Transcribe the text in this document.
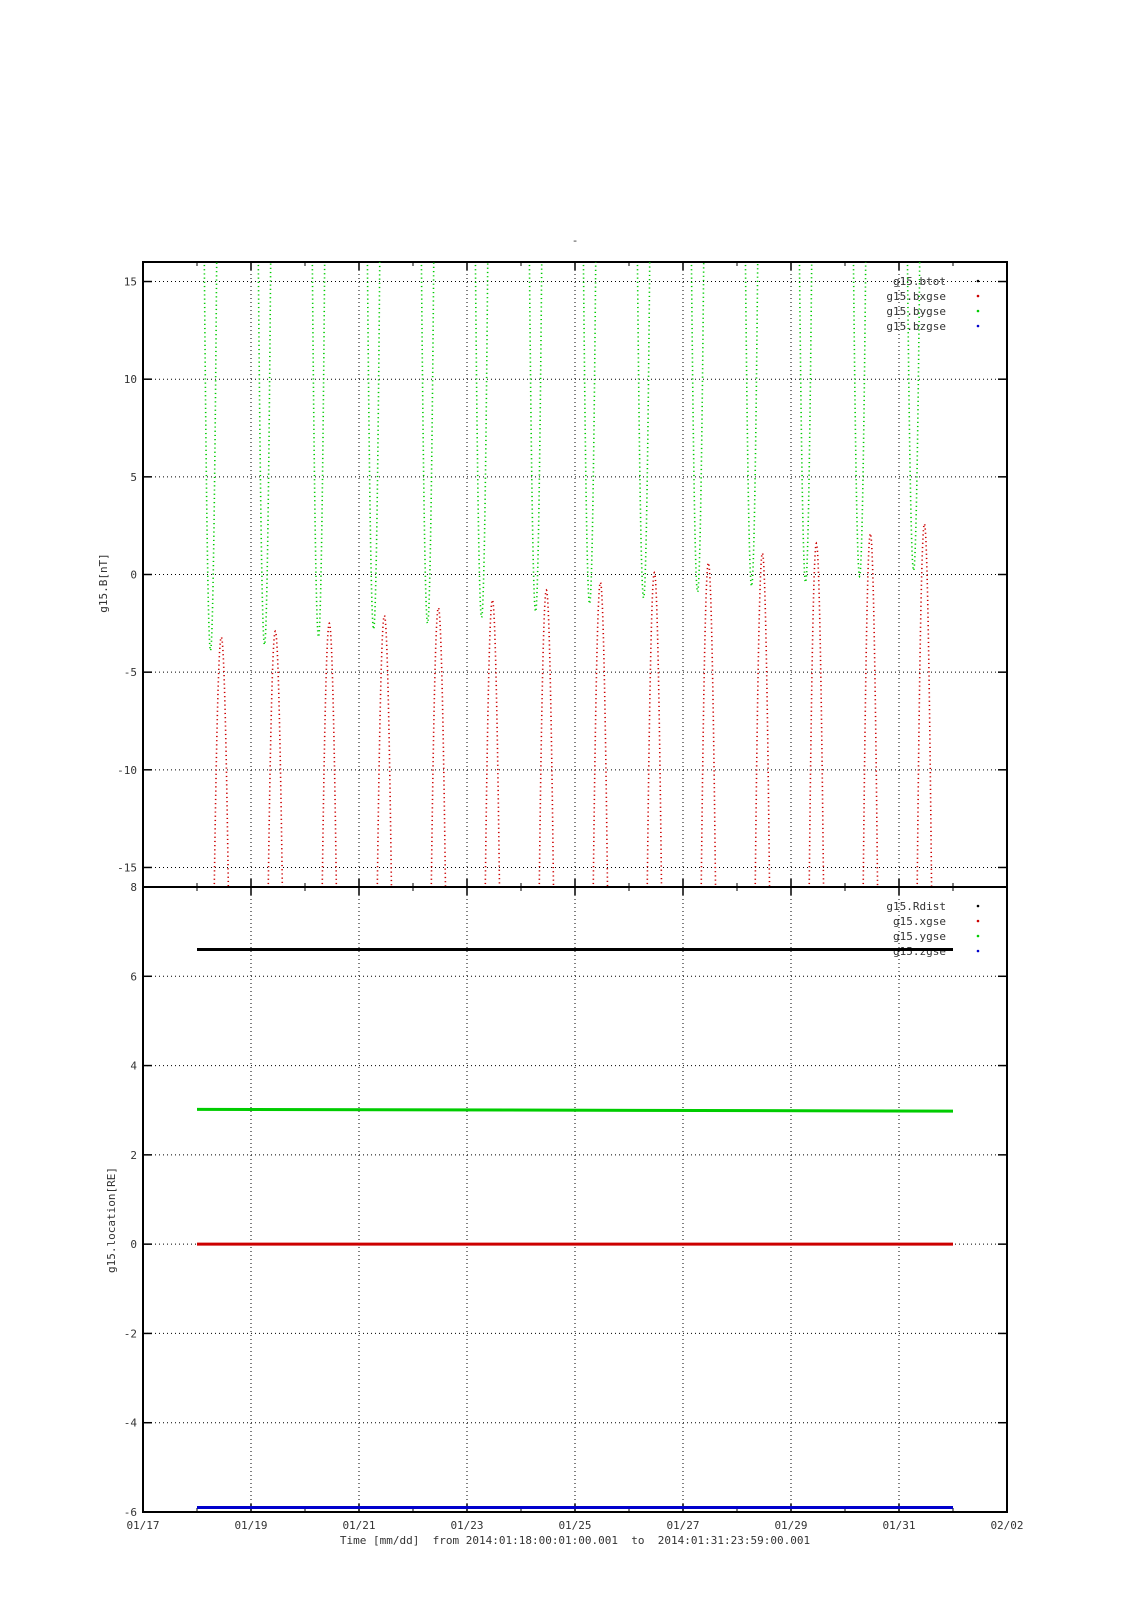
-
g15.B[nT]
g15.btot
g15.bxgse
g15.bygse
g15.bzgse
-15
-10
-5
0
5
10
15
g15.location[RE]
g15.Rdist
g15.xgse
g15.ygse
g15.zgse
-6
-4
-2
0
2
4
6
8
01/17	01/19	01/21	01/23	01/25	01/27	01/29	01/31	02/02
Time [mm/dd]  from 2014:01:18:00:01:00.001  to  2014:01:31:23:59:00.001
